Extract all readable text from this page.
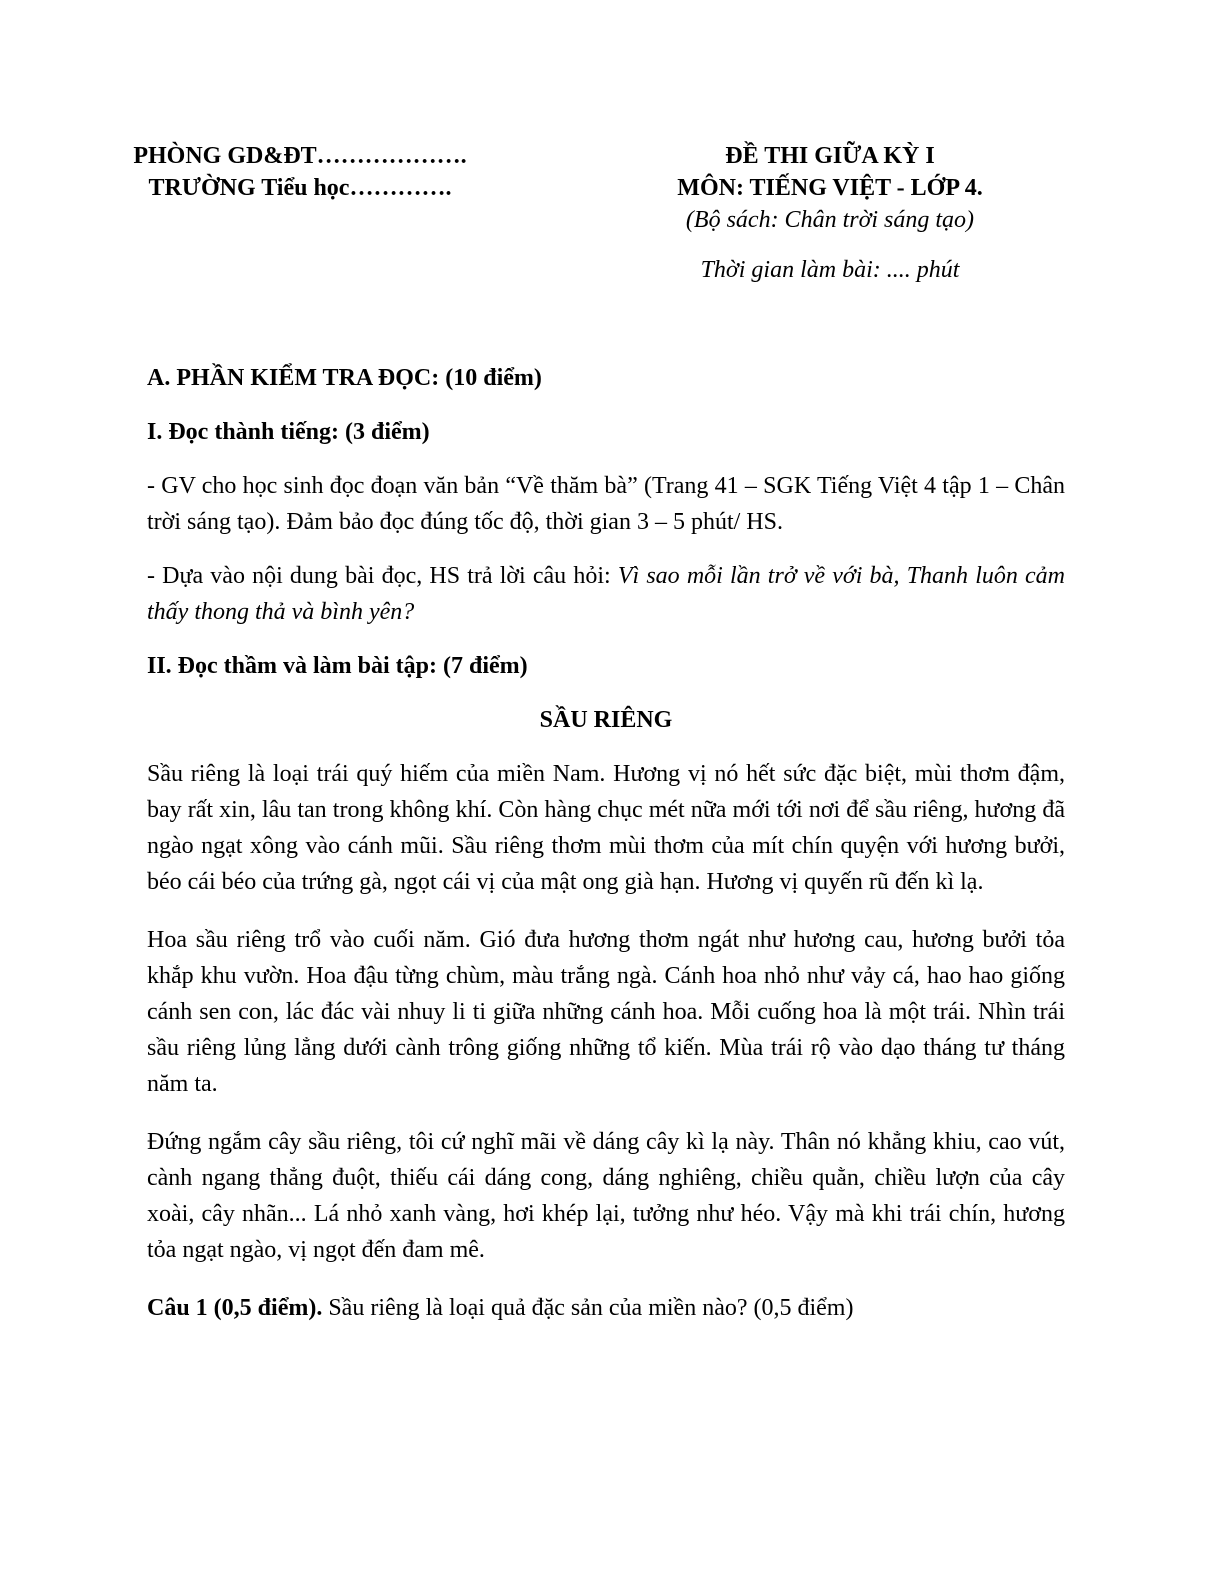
PHÒNG GD&ĐT……………….
TRƯỜNG Tiểu học………….
ĐỀ THI GIỮA KỲ I
MÔN: TIẾNG VIỆT - LỚP 4.
(Bộ sách: Chân trời sáng tạo)
Thời gian làm bài: .... phút
A. PHẦN KIỂM TRA ĐỌC: (10 điểm)
I. Đọc thành tiếng: (3 điểm)
- GV cho học sinh đọc đoạn văn bản “Về thăm bà” (Trang 41 – SGK Tiếng Việt 4 tập 1 – Chân trời sáng tạo). Đảm bảo đọc đúng tốc độ, thời gian 3 – 5 phút/ HS.
- Dựa vào nội dung bài đọc, HS trả lời câu hỏi: Vì sao mỗi lần trở về với bà, Thanh luôn cảm thấy thong thả và bình yên?
II. Đọc thầm và làm bài tập: (7 điểm)
SẦU RIÊNG
Sầu riêng là loại trái quý hiếm của miền Nam. Hương vị nó hết sức đặc biệt, mùi thơm đậm, bay rất xin, lâu tan trong không khí. Còn hàng chục mét nữa mới tới nơi để sầu riêng, hương đã ngào ngạt xông vào cánh mũi. Sầu riêng thơm mùi thơm của mít chín quyện với hương bưởi, béo cái béo của trứng gà, ngọt cái vị của mật ong già hạn. Hương vị quyến rũ đến kì lạ.
Hoa sầu riêng trổ vào cuối năm. Gió đưa hương thơm ngát như hương cau, hương bưởi tỏa khắp khu vườn. Hoa đậu từng chùm, màu trắng ngà. Cánh hoa nhỏ như vảy cá, hao hao giống cánh sen con, lác đác vài nhuy li ti giữa những cánh hoa. Mỗi cuống hoa là một trái. Nhìn trái sầu riêng lủng lẳng dưới cành trông giống những tổ kiến. Mùa trái rộ vào dạo tháng tư tháng năm ta.
Đứng ngắm cây sầu riêng, tôi cứ nghĩ mãi về dáng cây kì lạ này. Thân nó khẳng khiu, cao vút, cành ngang thẳng đuột, thiếu cái dáng cong, dáng nghiêng, chiều quằn, chiều lượn của cây xoài, cây nhãn... Lá nhỏ xanh vàng, hơi khép lại, tưởng như héo. Vậy mà khi trái chín, hương tỏa ngạt ngào, vị ngọt đến đam mê.
Câu 1 (0,5 điểm). Sầu riêng là loại quả đặc sản của miền nào? (0,5 điểm)
